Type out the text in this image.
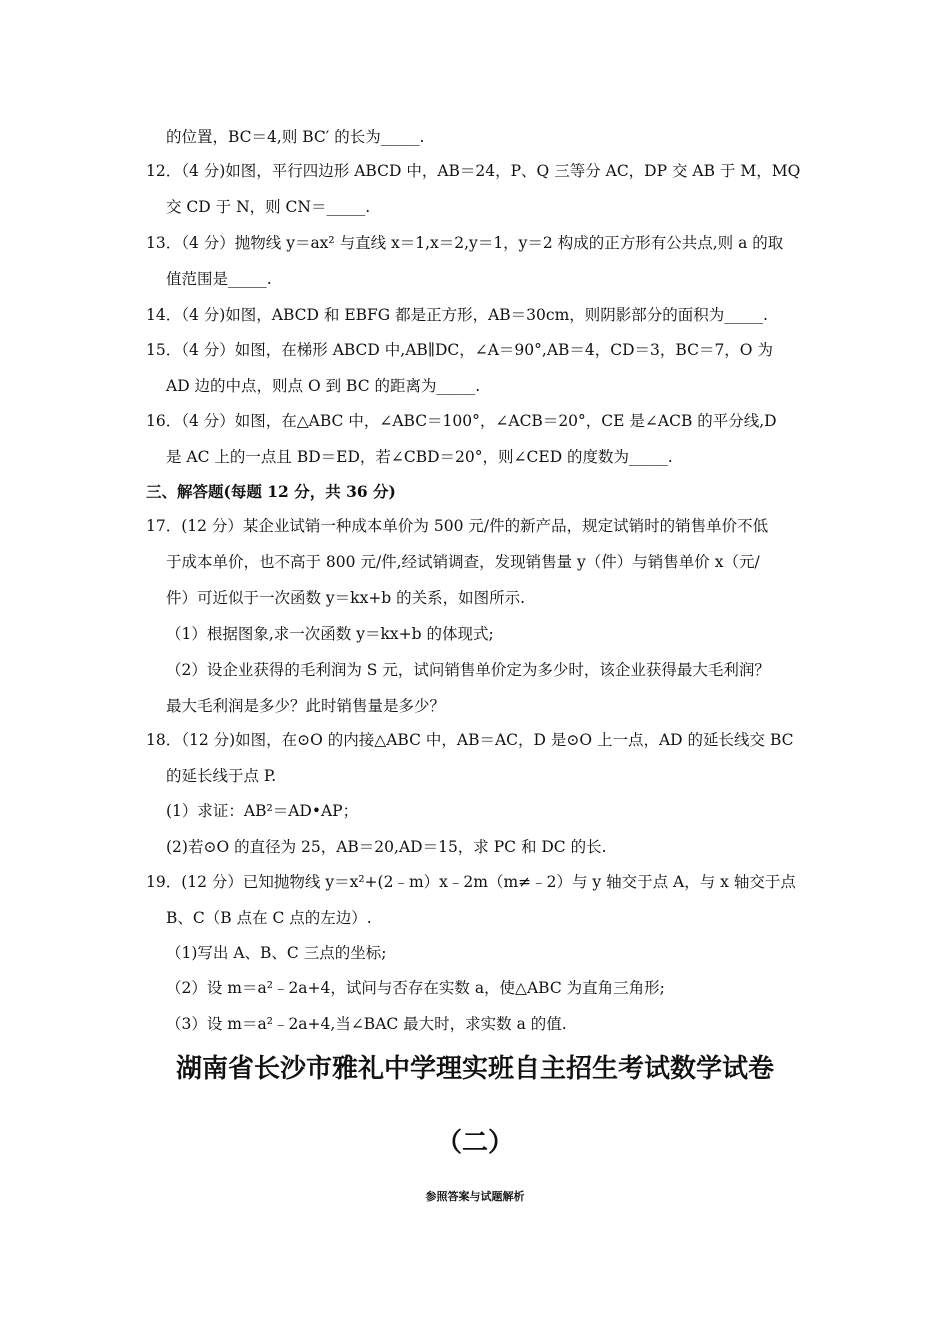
的位置，BC＝4,则 BC′ 的长为_____.
12．（4 分)如图，平行四边形 ABCD 中，AB＝24，P、Q 三等分 AC，DP 交 AB 于 M，MQ
交 CD 于 N，则 CN＝_____.
13．（4 分）抛物线 y＝ax² 与直线 x＝1,x＝2,y＝1，y＝2 构成的正方形有公共点,则 a 的取
值范围是_____.
14．（4 分)如图，ABCD 和 EBFG 都是正方形，AB＝30cm，则阴影部分的面积为_____.
15．（4 分）如图，在梯形 ABCD 中,AB∥DC，∠A＝90°,AB＝4，CD＝3，BC＝7，O 为
AD 边的中点，则点 O 到 BC 的距离为_____.
16．（4 分）如图，在△ABC 中，∠ABC＝100°，∠ACB＝20°，CE 是∠ACB 的平分线,D
是 AC 上的一点且 BD＝ED，若∠CBD＝20°，则∠CED 的度数为_____.
三、解答题(每题 12 分，共 36 分)
17．(12 分）某企业试销一种成本单价为 500 元/件的新产品，规定试销时的销售单价不低
于成本单价，也不高于 800 元/件,经试销调查，发现销售量 y（件）与销售单价 x（元/
件）可近似于一次函数 y＝kx+b 的关系，如图所示.
（1）根据图象,求一次函数 y＝kx+b 的体现式;
（2）设企业获得的毛利润为 S 元，试问销售单价定为多少时，该企业获得最大毛利润？
最大毛利润是多少？此时销售量是多少？
18．（12 分)如图，在⊙O 的内接△ABC 中，AB＝AC，D 是⊙O 上一点，AD 的延长线交 BC
的延长线于点 P.
(1）求证：AB²＝AD•AP；
(2)若⊙O 的直径为 25，AB＝20,AD＝15，求 PC 和 DC 的长.
19．(12 分）已知抛物线 y＝x²+(2﹣m）x﹣2m（m≠﹣2）与 y 轴交于点 A，与 x 轴交于点
B、C（B 点在 C 点的左边）.
（1)写出 A、B、C 三点的坐标;
（2）设 m＝a²﹣2a+4，试问与否存在实数 a，使△ABC 为直角三角形;
（3）设 m＝a²﹣2a+4,当∠BAC 最大时，求实数 a 的值.
湖南省长沙市雅礼中学理实班自主招生考试数学试卷
（二）
参照答案与试题解析
